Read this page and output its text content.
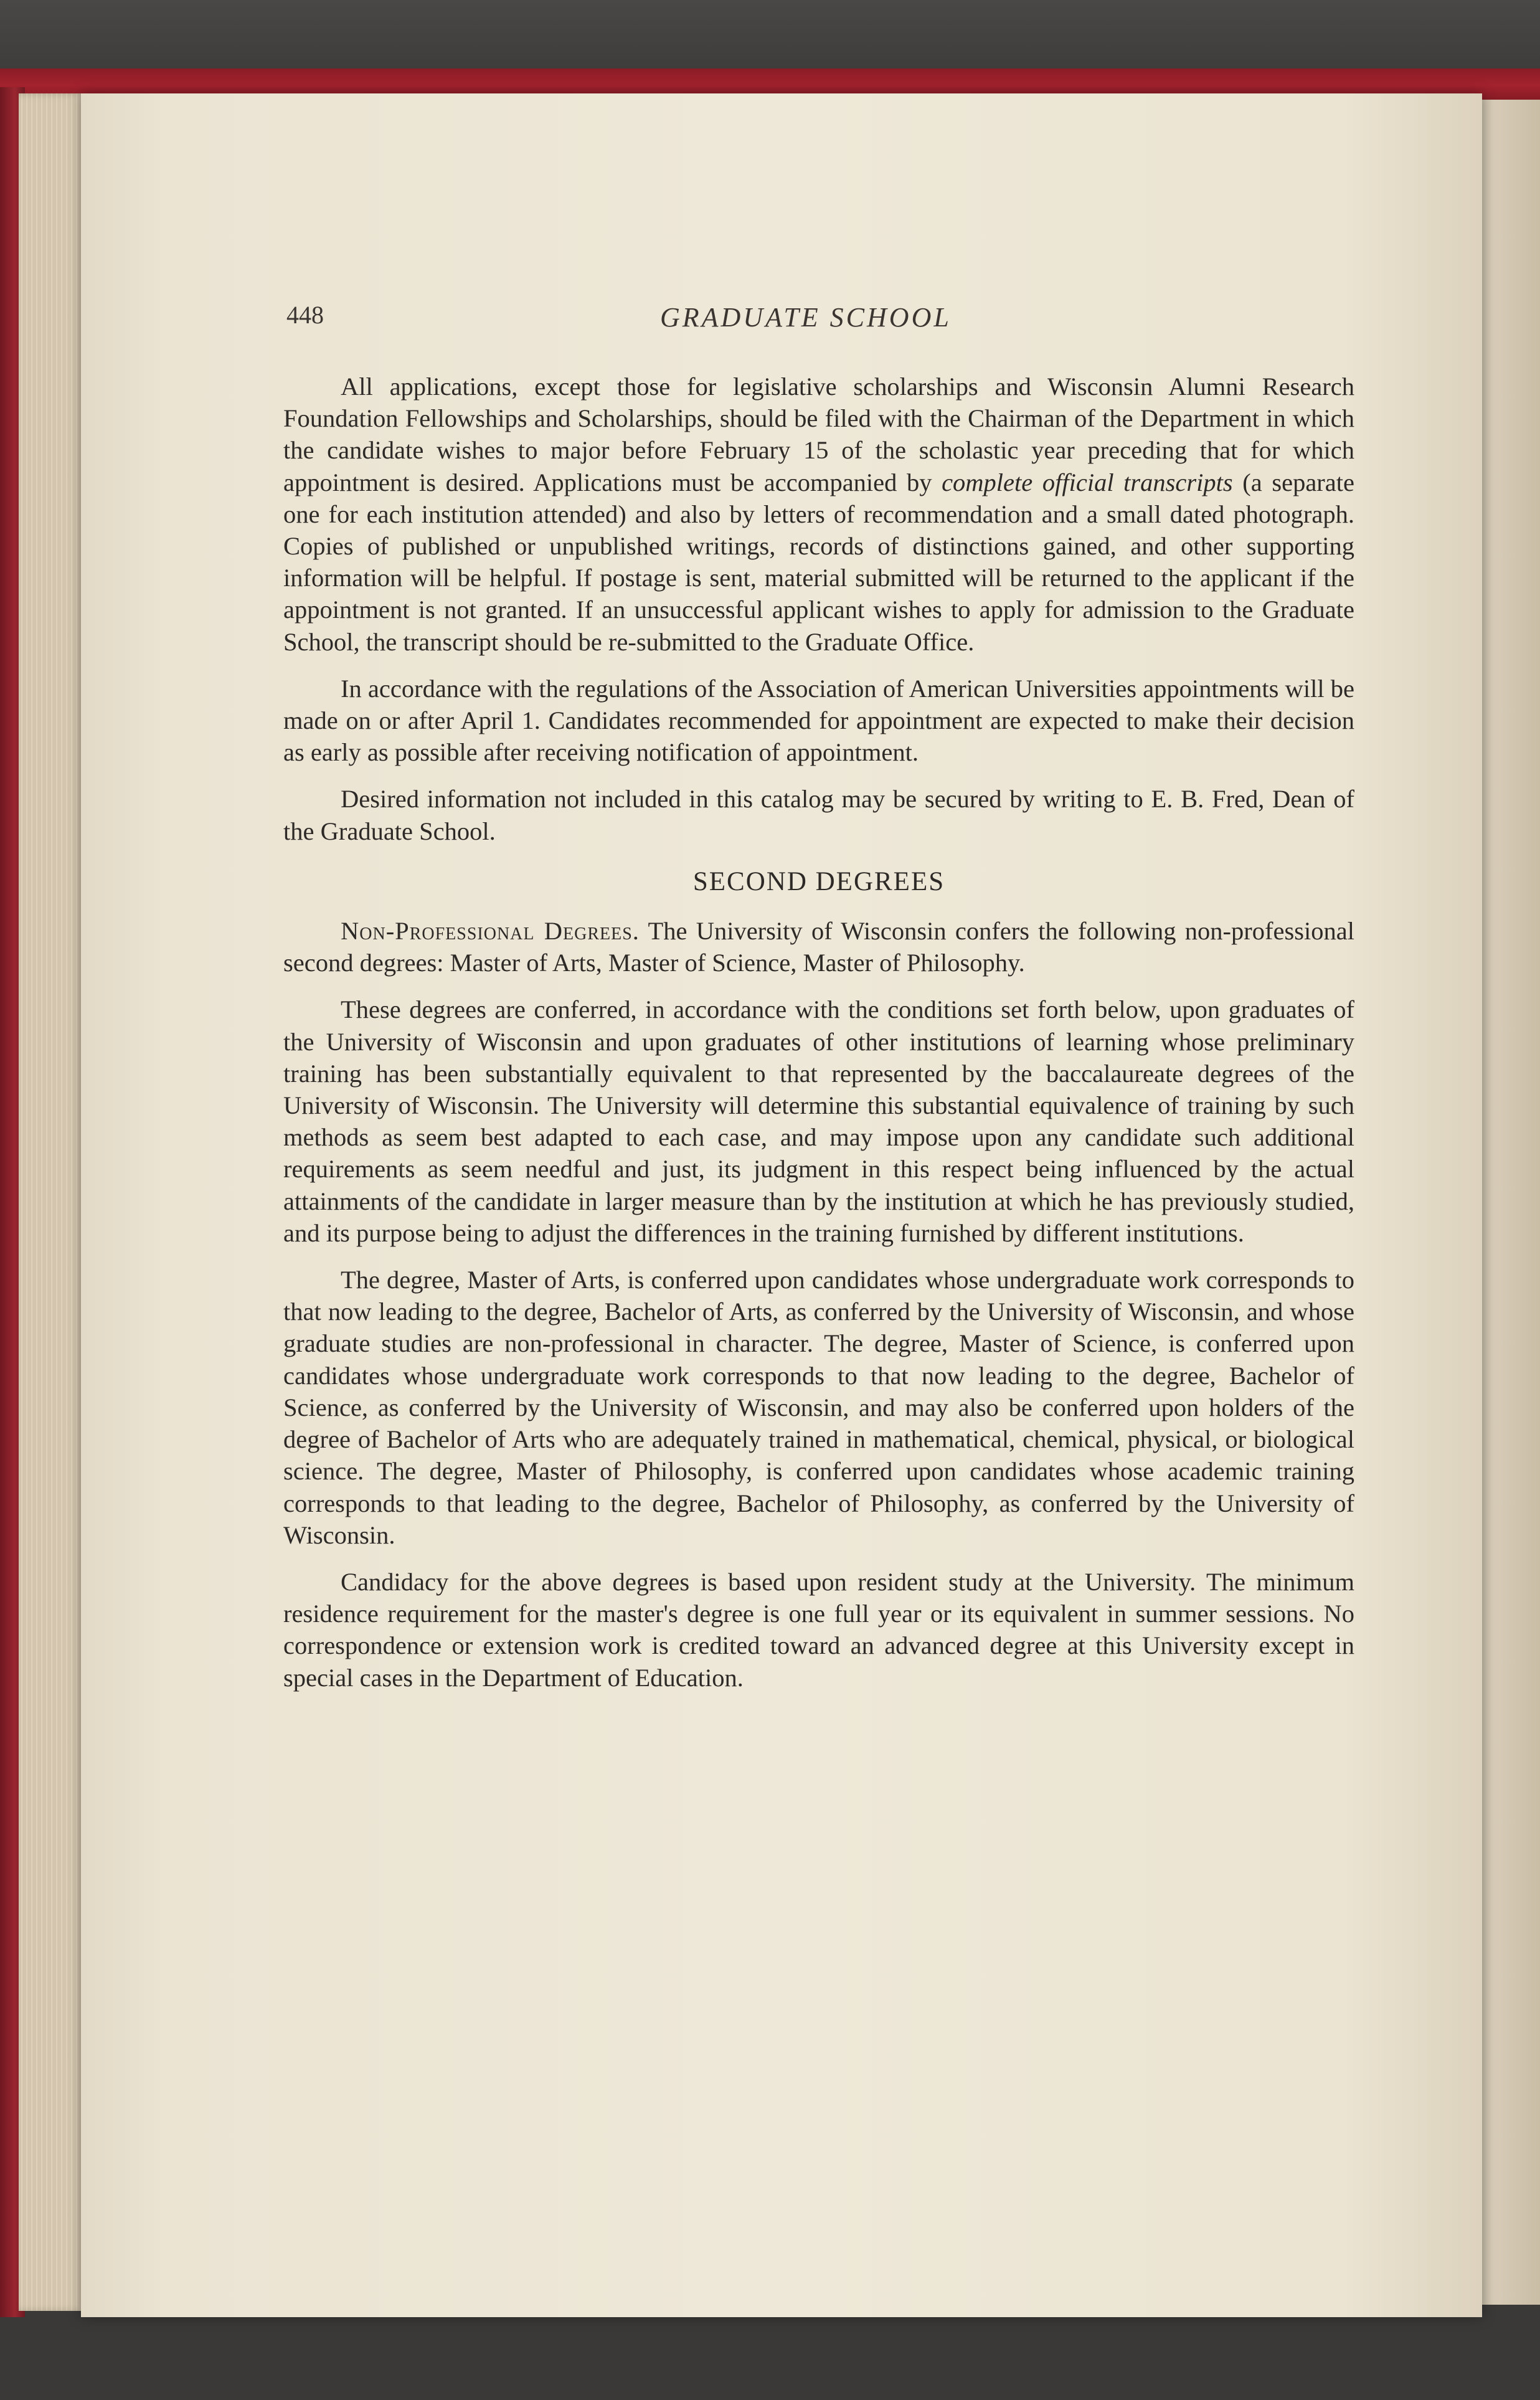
448	GRADUATE SCHOOL

All applications, except those for legislative scholarships and Wisconsin Alumni Research Foundation Fellowships and Scholarships, should be filed with the Chairman of the Department in which the candidate wishes to major before February 15 of the scholastic year preceding that for which appointment is desired. Applications must be accompanied by complete official transcripts (a separate one for each institution attended) and also by letters of recommendation and a small dated photograph. Copies of published or unpublished writings, records of distinctions gained, and other supporting information will be helpful. If postage is sent, material submitted will be returned to the applicant if the appointment is not granted. If an unsuccessful applicant wishes to apply for admission to the Graduate School, the transcript should be re-submitted to the Graduate Office.

In accordance with the regulations of the Association of American Universities appointments will be made on or after April 1. Candidates recommended for appointment are expected to make their decision as early as possible after receiving notification of appointment.

Desired information not included in this catalog may be secured by writing to E. B. Fred, Dean of the Graduate School.

SECOND DEGREES

Non-Professional Degrees. The University of Wisconsin confers the following non-professional second degrees: Master of Arts, Master of Science, Master of Philosophy.

These degrees are conferred, in accordance with the conditions set forth below, upon graduates of the University of Wisconsin and upon graduates of other institutions of learning whose preliminary training has been substantially equivalent to that represented by the baccalaureate degrees of the University of Wisconsin. The University will determine this substantial equivalence of training by such methods as seem best adapted to each case, and may impose upon any candidate such additional requirements as seem needful and just, its judgment in this respect being influenced by the actual attainments of the candidate in larger measure than by the institution at which he has previously studied, and its purpose being to adjust the differences in the training furnished by different institutions.

The degree, Master of Arts, is conferred upon candidates whose undergraduate work corresponds to that now leading to the degree, Bachelor of Arts, as conferred by the University of Wisconsin, and whose graduate studies are non-professional in character. The degree, Master of Science, is conferred upon candidates whose undergraduate work corresponds to that now leading to the degree, Bachelor of Science, as conferred by the University of Wisconsin, and may also be conferred upon holders of the degree of Bachelor of Arts who are adequately trained in mathematical, chemical, physical, or biological science. The degree, Master of Philosophy, is conferred upon candidates whose academic training corresponds to that leading to the degree, Bachelor of Philosophy, as conferred by the University of Wisconsin.

Candidacy for the above degrees is based upon resident study at the University. The minimum residence requirement for the master's degree is one full year or its equivalent in summer sessions. No correspondence or extension work is credited toward an advanced degree at this University except in special cases in the Department of Education.
